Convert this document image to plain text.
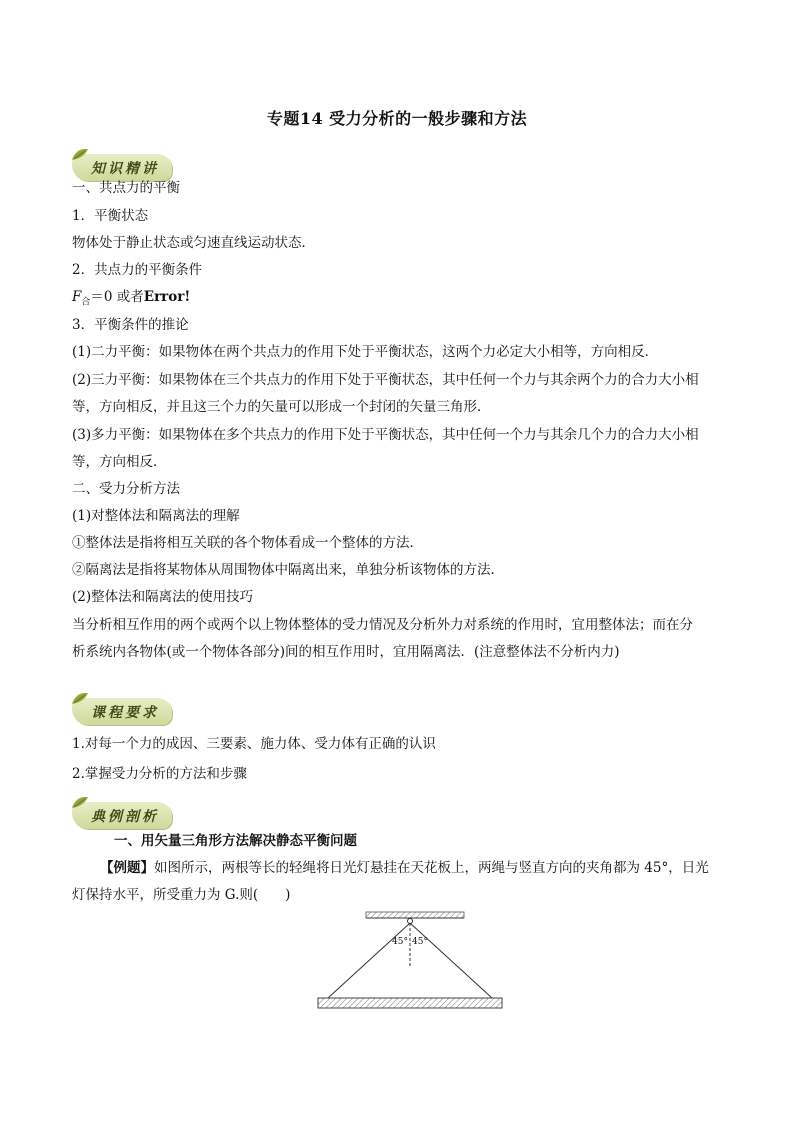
专题14 受力分析的一般步骤和方法
知识精讲
一、共点力的平衡
1．平衡状态
物体处于静止状态或匀速直线运动状态．
2．共点力的平衡条件
$F_合=0$ 或者Error!
3．平衡条件的推论
(1)二力平衡：如果物体在两个共点力的作用下处于平衡状态，这两个力必定大小相等，方向相反．
(2)三力平衡：如果物体在三个共点力的作用下处于平衡状态，其中任何一个力与其余两个力的合力大小相
等，方向相反，并且这三个力的矢量可以形成一个封闭的矢量三角形．
(3)多力平衡：如果物体在多个共点力的作用下处于平衡状态，其中任何一个力与其余几个力的合力大小相
等，方向相反．
二、受力分析方法
(1)对整体法和隔离法的理解
①整体法是指将相互关联的各个物体看成一个整体的方法．
②隔离法是指将某物体从周围物体中隔离出来，单独分析该物体的方法．
(2)整体法和隔离法的使用技巧
当分析相互作用的两个或两个以上物体整体的受力情况及分析外力对系统的作用时，宜用整体法；而在分
析系统内各物体(或一个物体各部分)间的相互作用时，宜用隔离法．(注意整体法不分析内力)
课程要求
1.对每一个力的成因、三要素、施力体、受力体有正确的认识
2.掌握受力分析的方法和步骤
典例剖析
一、用矢量三角形方法解决静态平衡问题
【例题】如图所示，两根等长的轻绳将日光灯悬挂在天花板上，两绳与竖直方向的夹角都为 45°，日光
灯保持水平，所受重力为 G.则(　　)
45° 45°
